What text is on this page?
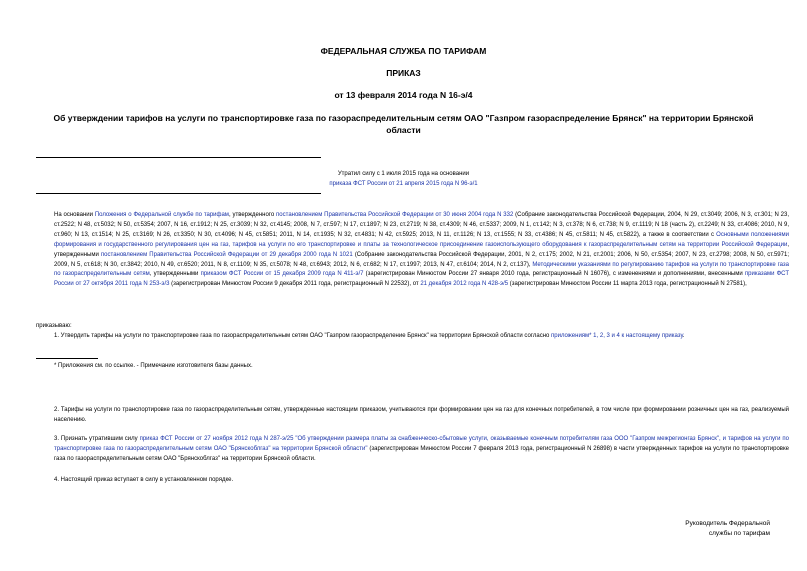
ФЕДЕРАЛЬНАЯ СЛУЖБА ПО ТАРИФАМ
ПРИКАЗ
от 13 февраля 2014 года N 16-э/4
Об утверждении тарифов на услуги по транспортировке газа по газораспределительным сетям ОАО "Газпром газораспределение Брянск" на территории Брянской области
Утратил силу с 1 июля 2015 года на основании
приказа ФСТ России от 21 апреля 2015 года N 96-э/1
На основании Положения о Федеральной службе по тарифам, утвержденного постановлением Правительства Российской Федерации от 30 июня 2004 года N 332 (Собрание законодательства Российской Федерации, 2004, N 29, ст.3049; 2006, N 3, ст.301; N 23, ст.2522; N 48, ст.5032; N 50, ст.5354; 2007, N 16, ст.1912; N 25, ст.3039; N 32, ст.4145; 2008, N 7, ст.597; N 17, ст.1897; N 23, ст.2719; N 38, ст.4309; N 46, ст.5337; 2009, N 1, ст.142; N 3, ст.378; N 6, ст.738; N 9, ст.1119; N 18 (часть 2), ст.2249; N 33, ст.4086; 2010, N 9, ст.960; N 13, ст.1514; N 25, ст.3169; N 26, ст.3350; N 30, ст.4096; N 45, ст.5851; 2011, N 14, ст.1935; N 32, ст.4831; N 42, ст.5925; 2013, N 11, ст.1126; N 13, ст.1555; N 33, ст.4386; N 45, ст.5811; N 45, ст.5822), а также в соответствии с Основными положениями формирования и государственного регулирования цен на газ, тарифов на услуги по его транспортировке и платы за технологическое присоединение газоиспользующего оборудования к газораспределительным сетям на территории Российской Федерации, утвержденными постановлением Правительства Российской Федерации от 29 декабря 2000 года N 1021 (Собрание законодательства Российской Федерации, 2001, N 2, ст.175; 2002, N 21, ст.2001; 2006, N 50, ст.5354; 2007, N 23, ст.2798; 2008, N 50, ст.5971; 2009, N 5, ст.618; N 30, ст.3842; 2010, N 49, ст.6520; 2011, N 8, ст.1109; N 35, ст.5078; N 48, ст.6943; 2012, N 6, ст.682; N 17, ст.1997; 2013, N 47, ст.6104; 2014, N 2, ст.137), Методическими указаниями по регулированию тарифов на услуги по транспортировке газа по газораспределительным сетям, утвержденными приказом ФСТ России от 15 декабря 2009 года N 411-э/7 (зарегистрирован Минюстом России 27 января 2010 года, регистрационный N 16076), с изменениями и дополнениями, внесенными приказами ФСТ России от 27 октября 2011 года N 253-э/3 (зарегистрирован Минюстом России 9 декабря 2011 года, регистрационный N 22532), от 21 декабря 2012 года N 428-э/5 (зарегистрирован Минюстом России 11 марта 2013 года, регистрационный N 27581),
приказываю:
1. Утвердить тарифы на услуги по транспортировке газа по газораспределительным сетям ОАО "Газпром газораспределение Брянск" на территории Брянской области согласно приложениям* 1, 2, 3 и 4 к настоящему приказу.
* Приложения см. по ссылке. - Примечание изготовителя базы данных.
2. Тарифы на услуги по транспортировке газа по газораспределительным сетям, утвержденные настоящим приказом, учитываются при формировании цен на газ для конечных потребителей, в том числе при формировании розничных цен на газ, реализуемый населению.
3. Признать утратившим силу приказ ФСТ России от 27 ноября 2012 года N 287-э/25 "Об утверждении размера платы за снабженческо-сбытовые услуги, оказываемые конечным потребителям газа ООО "Газпром межрегионгаз Брянск", и тарифов на услуги по транспортировке газа по газораспределительным сетям ОАО "Брянскоблгаз" на территории Брянской области" (зарегистрирован Минюстом России 7 февраля 2013 года, регистрационный N 26898) в части утвержденных тарифов на услуги по транспортировке газа по газораспределительным сетям ОАО "Брянскоблгаз" на территории Брянской области.
4. Настоящий приказ вступает в силу в установленном порядке.
Руководитель Федеральной
службы по тарифам
